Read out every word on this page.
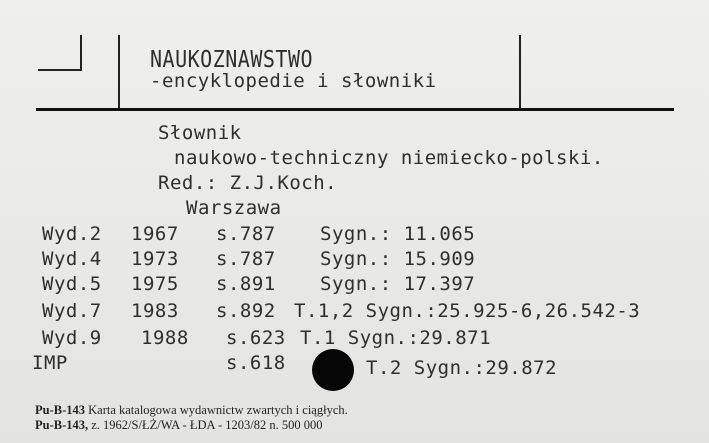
NAUKOZNAWSTWO
-encyklopedie i słowniki
Słownik
naukowo-techniczny niemiecko-polski.
Red.: Z.J.Koch.
Warszawa
Wyd.2 1967 s.787 Sygn.: 11.065
Wyd.4 1973 s.787 Sygn.: 15.909
Wyd.5 1975 s.891 Sygn.: 17.397
Wyd.7 1983 s.892 T.1,2 Sygn.:25.925-6,26.542-3
Wyd.9 1988 s.623 T.1 Sygn.:29.871
IMP	s.618	T.2 Sygn.:29.872
Pu-B-143 Karta katalogowa wydawnictw zwartych i ciągłych.
Pu-B-143, z. 1962/S/ŁŻ/WA - ŁDA - 1203/82 n. 500 000
